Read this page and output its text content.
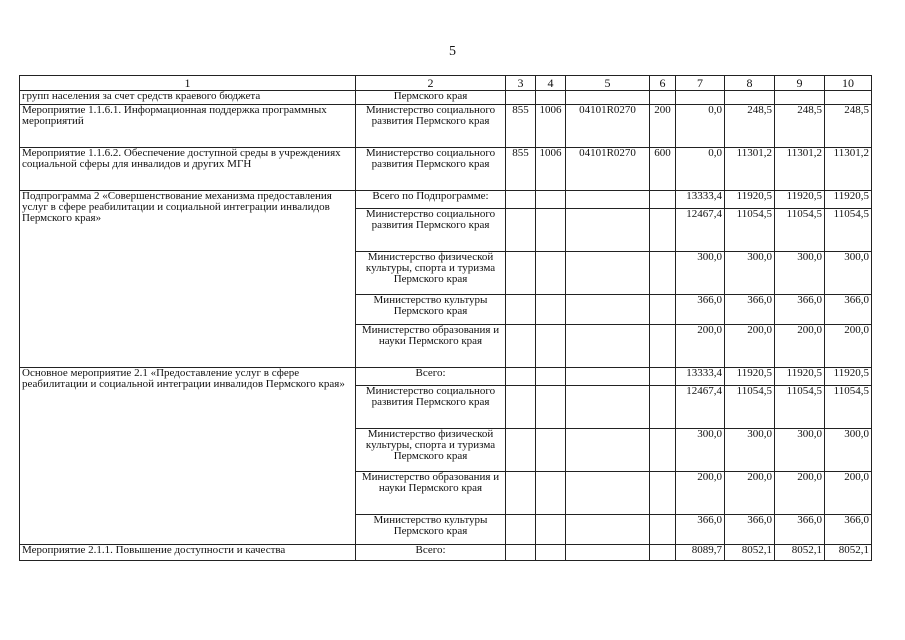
5
1	2	3	4	5	6	7	8	9	10
групп населения за счет средств краевого бюджета	Пермского края								
Мероприятие 1.1.6.1. Информационная поддержка программных мероприятий	Министерство социального развития Пермского края	855	1006	04101R0270	200	0,0	248,5	248,5	248,5
Мероприятие 1.1.6.2. Обеспечение доступной среды в учреждениях социальной сферы для инвалидов и других МГН	Министерство социального развития Пермского края	855	1006	04101R0270	600	0,0	11301,2	11301,2	11301,2
Подпрограмма 2 «Совершенствование механизма предоставления услуг в сфере реабилитации и социальной интеграции инвалидов Пермского края»	Всего по Подпрограмме:					13333,4	11920,5	11920,5	11920,5
	Министерство социального развития Пермского края					12467,4	11054,5	11054,5	11054,5
	Министерство физической культуры, спорта и туризма Пермского края					300,0	300,0	300,0	300,0
	Министерство культуры Пермского края					366,0	366,0	366,0	366,0
	Министерство образования и науки Пермского края					200,0	200,0	200,0	200,0
Основное мероприятие 2.1 «Предоставление услуг в сфере реабилитации и социальной интеграции инвалидов Пермского края»	Всего:					13333,4	11920,5	11920,5	11920,5
	Министерство социального развития Пермского края					12467,4	11054,5	11054,5	11054,5
	Министерство физической культуры, спорта и туризма Пермского края					300,0	300,0	300,0	300,0
	Министерство образования и науки Пермского края					200,0	200,0	200,0	200,0
	Министерство культуры Пермского края					366,0	366,0	366,0	366,0
Мероприятие 2.1.1. Повышение доступности и качества	Всего:					8089,7	8052,1	8052,1	8052,1
